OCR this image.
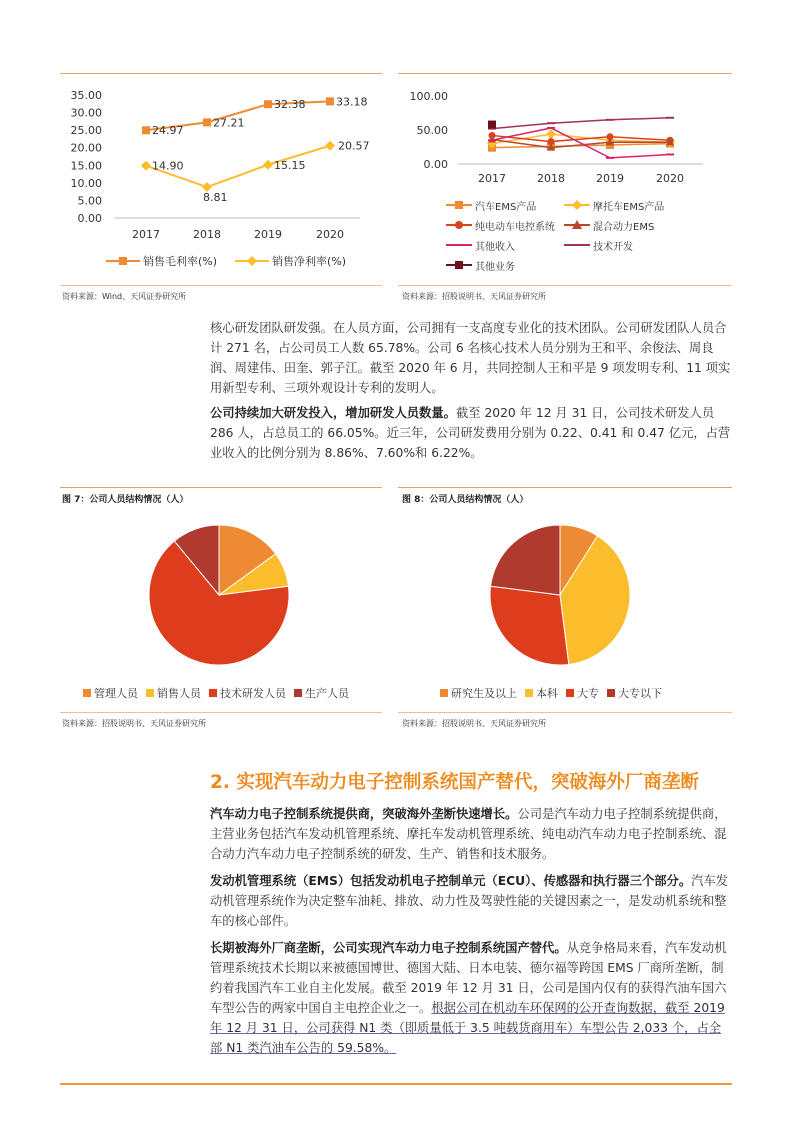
35.00
30.00
25.00
20.00
15.00
10.00
5.00
0.00
2017	2018	2019	2020
24.97
27.21
32.38	33.18
14.90
8.81
15.15
20.57
销售毛利率(%)	销售净利率(%)
资料来源：Wind、天风证券研究所
100.00
50.00
0.00
2017	2018	2019	2020
汽车EMS产品	摩托车EMS产品
纯电动车电控系统	混合动力EMS
其他收入	技术开发
其他业务
资料来源：招股说明书、天风证券研究所
核心研发团队研发强。在人员方面，公司拥有一支高度专业化的技术团队。公司研发团队人员合计 271 名，占公司员工人数 65.78%。公司 6 名核心技术人员分别为王和平、余俊法、周良润、周建伟、田奎、郭子江。截至 2020 年 6 月，共同控制人王和平是 9 项发明专利、11 项实用新型专利、三项外观设计专利的发明人。
公司持续加大研发投入，增加研发人员数量。截至 2020 年 12 月 31 日，公司技术研发人员 286 人，占总员工的 66.05%。近三年，公司研发费用分别为 0.22、0.41 和 0.47 亿元，占营业收入的比例分别为 8.86%、7.60%和 6.22%。
图 7：公司人员结构情况（人）	图 8：公司人员结构情况（人）
管理人员 销售人员 技术研发人员 生产人员	研究生及以上 本科 大专 大专以下
资料来源：招股说明书、天风证券研究所	资料来源：招股说明书、天风证券研究所
2. 实现汽车动力电子控制系统国产替代，突破海外厂商垄断
汽车动力电子控制系统提供商，突破海外垄断快速增长。公司是汽车动力电子控制系统提供商，主营业务包括汽车发动机管理系统、摩托车发动机管理系统、纯电动汽车动力电子控制系统、混合动力汽车动力电子控制系统的研发、生产、销售和技术服务。
发动机管理系统（EMS）包括发动机电子控制单元（ECU）、传感器和执行器三个部分。汽车发动机管理系统作为决定整车油耗、排放、动力性及驾驶性能的关键因素之一，是发动机系统和整车的核心部件。
长期被海外厂商垄断，公司实现汽车动力电子控制系统国产替代。从竞争格局来看，汽车发动机管理系统技术长期以来被德国博世、德国大陆、日本电装、德尔福等跨国 EMS 厂商所垄断，制约着我国汽车工业自主化发展。截至 2019 年 12 月 31 日，公司是国内仅有的获得汽油车国六车型公告的两家中国自主电控企业之一。根据公司在机动车环保网的公开查询数据，截至 2019 年 12 月 31 日，公司获得 N1 类（即质量低于 3.5 吨载货商用车）车型公告 2,033 个，占全部 N1 类汽油车公告的 59.58%。
